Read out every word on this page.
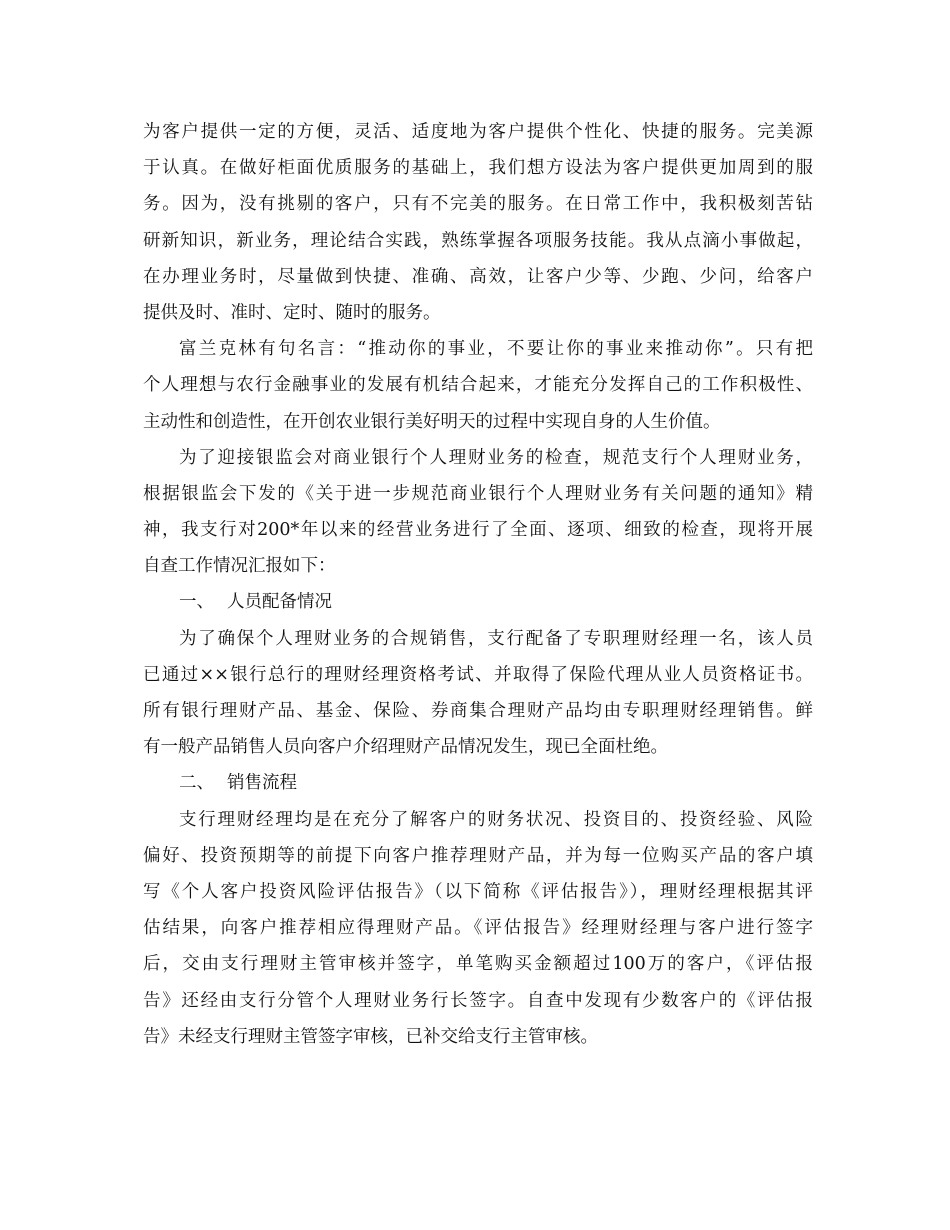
为客户提供一定的方便，灵活、适度地为客户提供个性化、快捷的服务。完美源
于认真。在做好柜面优质服务的基础上，我们想方设法为客户提供更加周到的服
务。因为，没有挑剔的客户，只有不完美的服务。在日常工作中，我积极刻苦钻
研新知识，新业务，理论结合实践，熟练掌握各项服务技能。我从点滴小事做起，
在办理业务时，尽量做到快捷、准确、高效，让客户少等、少跑、少问，给客户
提供及时、准时、定时、随时的服务。
富兰克林有句名言：“推动你的事业，不要让你的事业来推动你”。只有把
个人理想与农行金融事业的发展有机结合起来，才能充分发挥自己的工作积极性、
主动性和创造性，在开创农业银行美好明天的过程中实现自身的人生价值。
为了迎接银监会对商业银行个人理财业务的检查，规范支行个人理财业务，
根据银监会下发的《关于进一步规范商业银行个人理财业务有关问题的通知》精
神，我支行对200*年以来的经营业务进行了全面、逐项、细致的检查，现将开展
自查工作情况汇报如下：
一、 人员配备情况
为了确保个人理财业务的合规销售，支行配备了专职理财经理一名，该人员
已通过××银行总行的理财经理资格考试、并取得了保险代理从业人员资格证书。
所有银行理财产品、基金、保险、券商集合理财产品均由专职理财经理销售。鲜
有一般产品销售人员向客户介绍理财产品情况发生，现已全面杜绝。
二、 销售流程
支行理财经理均是在充分了解客户的财务状况、投资目的、投资经验、风险
偏好、投资预期等的前提下向客户推荐理财产品，并为每一位购买产品的客户填
写《个人客户投资风险评估报告》（以下简称《评估报告》），理财经理根据其评
估结果，向客户推荐相应得理财产品。《评估报告》经理财经理与客户进行签字
后，交由支行理财主管审核并签字，单笔购买金额超过100万的客户，《评估报
告》还经由支行分管个人理财业务行长签字。自查中发现有少数客户的《评估报
告》未经支行理财主管签字审核，已补交给支行主管审核。
